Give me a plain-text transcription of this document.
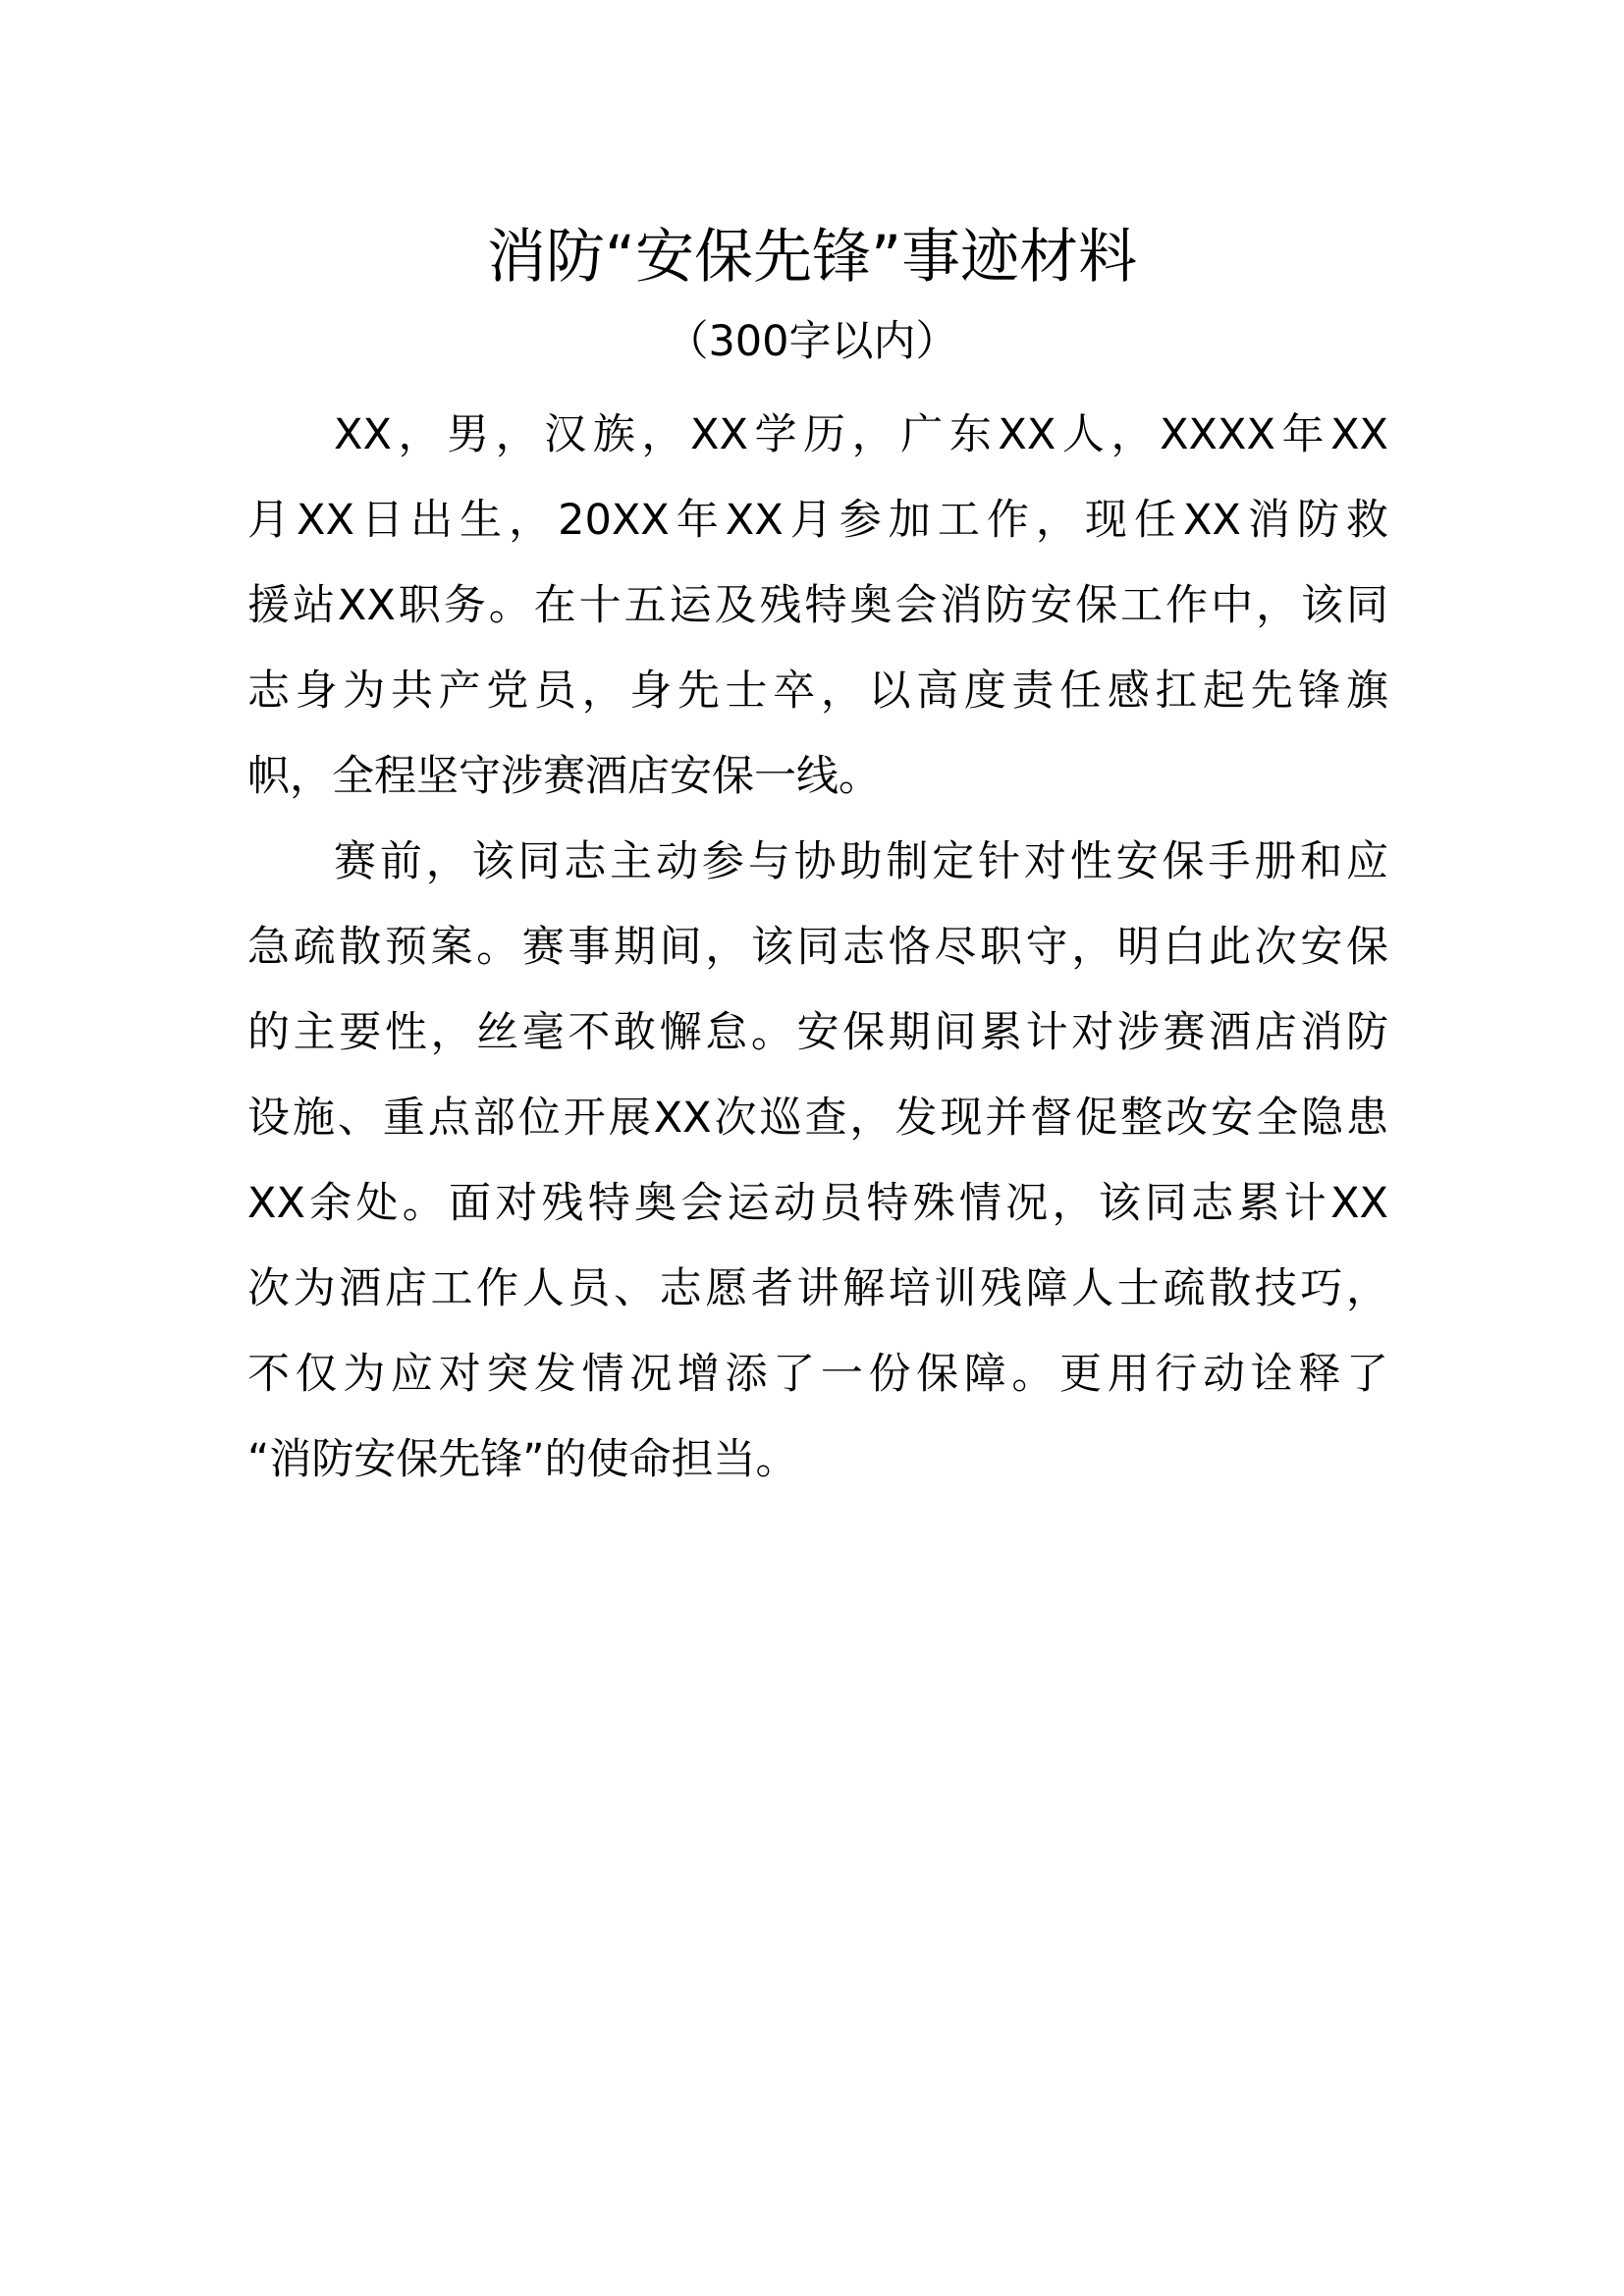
消防“安保先锋”事迹材料
（300字以内）
XX，男，汉族，XX学历，广东XX人，XXXX年XX
月XX日出生，20XX年XX月参加工作，现任XX消防救
援站XX职务。在十五运及残特奥会消防安保工作中，该同
志身为共产党员，身先士卒，以高度责任感扛起先锋旗
帜，全程坚守涉赛酒店安保一线。
赛前，该同志主动参与协助制定针对性安保手册和应
急疏散预案。赛事期间，该同志恪尽职守，明白此次安保
的主要性，丝毫不敢懈怠。安保期间累计对涉赛酒店消防
设施、重点部位开展XX次巡查，发现并督促整改安全隐患
XX余处。面对残特奥会运动员特殊情况，该同志累计XX
次为酒店工作人员、志愿者讲解培训残障人士疏散技巧，
不仅为应对突发情况增添了一份保障。更用行动诠释了
“消防安保先锋”的使命担当。
